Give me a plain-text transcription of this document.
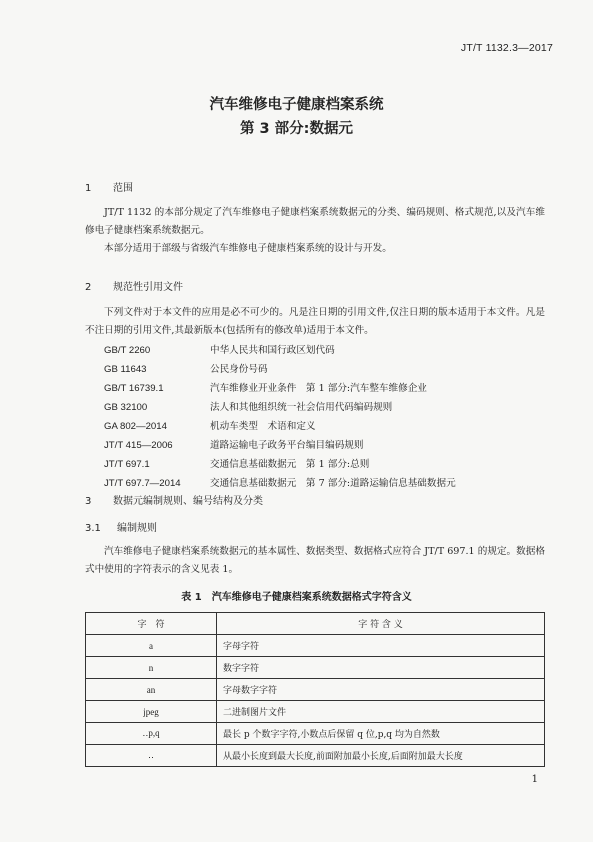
JT/T 1132.3—2017
汽车维修电子健康档案系统
第 3 部分:数据元
1 范围
JT/T 1132 的本部分规定了汽车维修电子健康档案系统数据元的分类、编码规则、格式规范,以及汽车维修电子健康档案系统数据元。
本部分适用于部级与省级汽车维修电子健康档案系统的设计与开发。
2 规范性引用文件
下列文件对于本文件的应用是必不可少的。凡是注日期的引用文件,仅注日期的版本适用于本文件。凡是不注日期的引用文件,其最新版本(包括所有的修改单)适用于本文件。
GB/T 2260	中华人民共和国行政区划代码
GB 11643	公民身份号码
GB/T 16739.1	汽车维修业开业条件　第 1 部分:汽车整车维修企业
GB 32100	法人和其他组织统一社会信用代码编码规则
GA 802—2014	机动车类型　术语和定义
JT/T 415—2006	道路运输电子政务平台编目编码规则
JT/T 697.1	交通信息基础数据元　第 1 部分:总则
JT/T 697.7—2014	交通信息基础数据元　第 7 部分:道路运输信息基础数据元
3 数据元编制规则、编号结构及分类
3.1 编制规则
汽车维修电子健康档案系统数据元的基本属性、数据类型、数据格式应符合 JT/T 697.1 的规定。数据格式中使用的字符表示的含义见表 1。
表 1　汽车维修电子健康档案系统数据格式字符含义
字　符	字 符 含 义
a	字母字符
n	数字字符
an	字母数字字符
jpeg	二进制图片文件
‥p,q	最长 p 个数字字符,小数点后保留 q 位,p,q 均为自然数
‥	从最小长度到最大长度,前面附加最小长度,后面附加最大长度
1
